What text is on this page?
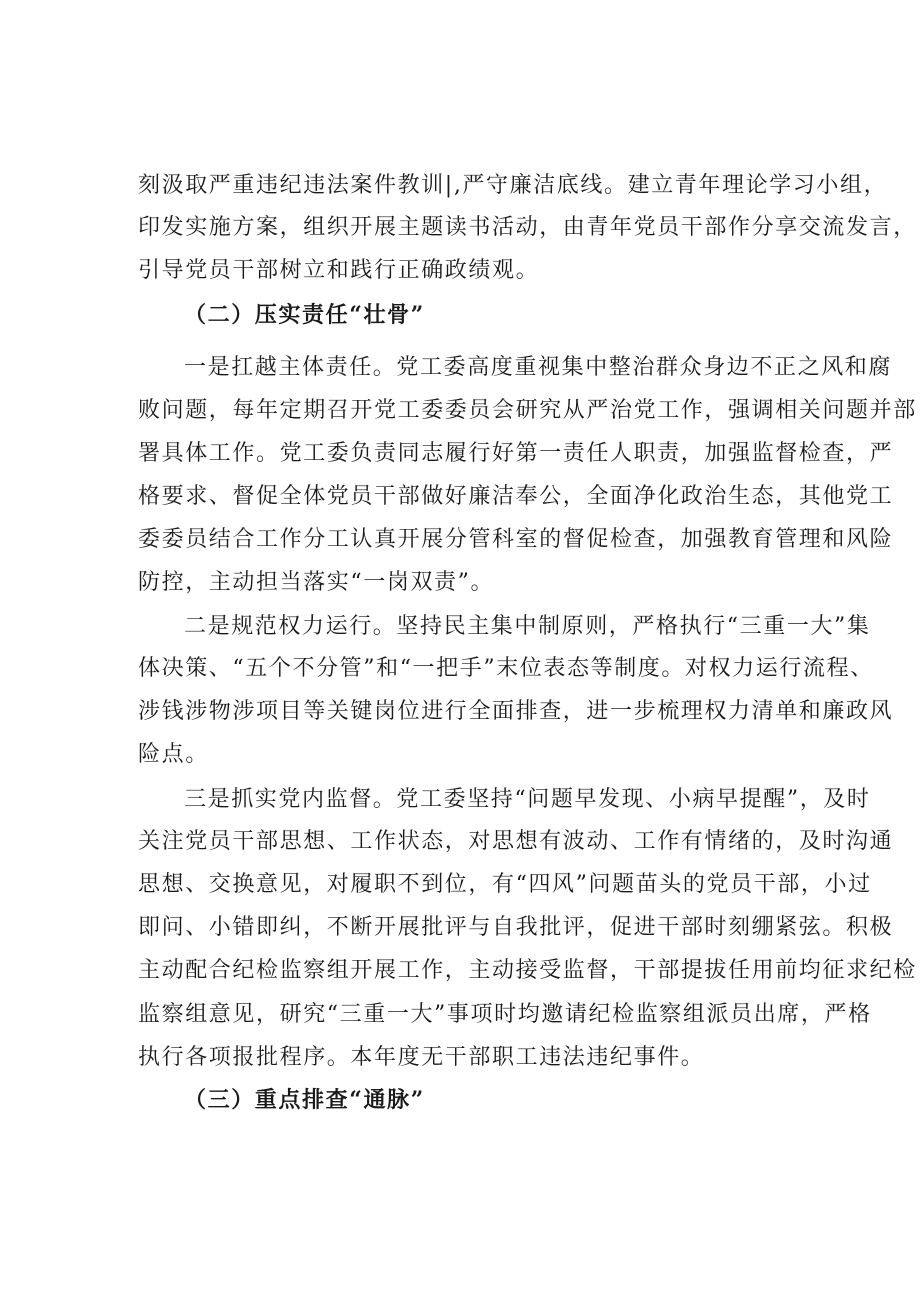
刻汲取严重违纪违法案件教训|,严守廉洁底线。建立青年理论学习小组，
印发实施方案，组织开展主题读书活动，由青年党员干部作分享交流发言，
引导党员干部树立和践行正确政绩观。
（二）压实责任“壮骨”
一是扛越主体责任。党工委高度重视集中整治群众身边不正之风和腐
败问题，每年定期召开党工委委员会研究从严治党工作，强调相关问题并部
署具体工作。党工委负责同志履行好第一责任人职责，加强监督检查，严
格要求、督促全体党员干部做好廉洁奉公，全面净化政治生态，其他党工
委委员结合工作分工认真开展分管科室的督促检查，加强教育管理和风险
防控，主动担当落实“一岗双责”。
二是规范权力运行。坚持民主集中制原则，严格执行“三重一大”集
体决策、“五个不分管”和“一把手”末位表态等制度。对权力运行流程、
涉钱涉物涉项目等关键岗位进行全面排查，进一步梳理权力清单和廉政风
险点。
三是抓实党内监督。党工委坚持“问题早发现、小病早提醒”，及时
关注党员干部思想、工作状态，对思想有波动、工作有情绪的，及时沟通
思想、交换意见，对履职不到位，有“四风”问题苗头的党员干部，小过
即问、小错即纠，不断开展批评与自我批评，促进干部时刻绷紧弦。积极
主动配合纪检监察组开展工作，主动接受监督，干部提拔任用前均征求纪检
监察组意见，研究“三重一大”事项时均邀请纪检监察组派员出席，严格
执行各项报批程序。本年度无干部职工违法违纪事件。
（三）重点排查“通脉”
